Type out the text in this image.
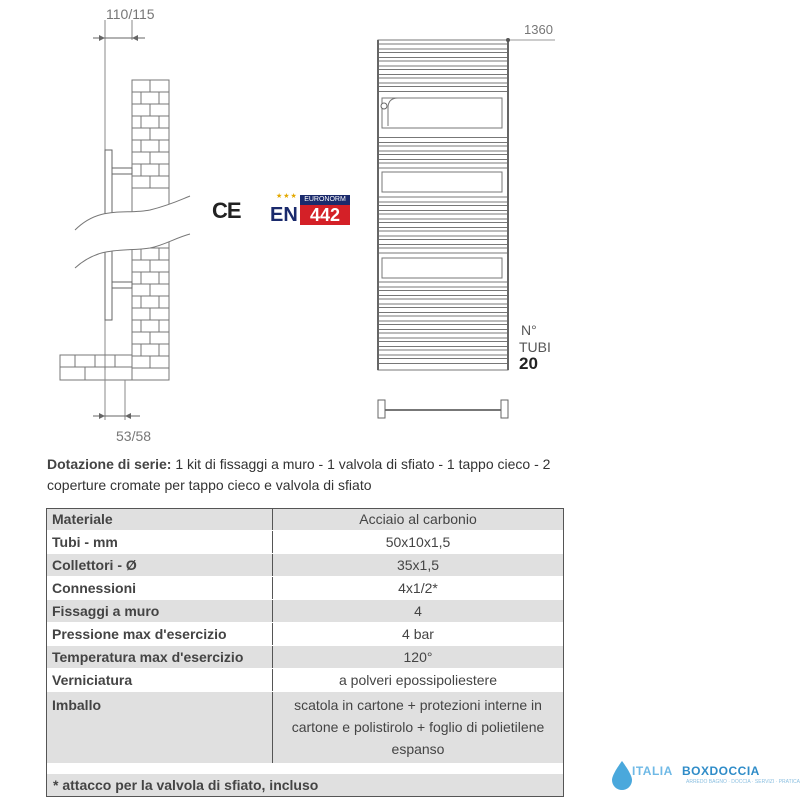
110/115
53/58
CE
★★★
EN
EURONORM
442
1360
N°
TUBI
20
Dotazione di serie: 1 kit di fissaggi a muro - 1 valvola di sfiato - 1 tappo cieco - 2 coperture cromate per tappo cieco e valvola di sfiato
Materiale	Acciaio al carbonio
Tubi - mm	50x10x1,5
Collettori - Ø	35x1,5
Connessioni	4x1/2*
Fissaggi a muro	4
Pressione max d'esercizio	4 bar
Temperatura max d'esercizio	120°
Verniciatura	a polveri epossipoliestere
Imballo	scatola in cartone + protezioni interne in cartone e polistirolo + foglio di polietilene espanso
* attacco per la valvola di sfiato, incluso
ITALIA BOXDOCCIA
ARREDO BAGNO · DOCCIA · SERVIZI · PRATICA
